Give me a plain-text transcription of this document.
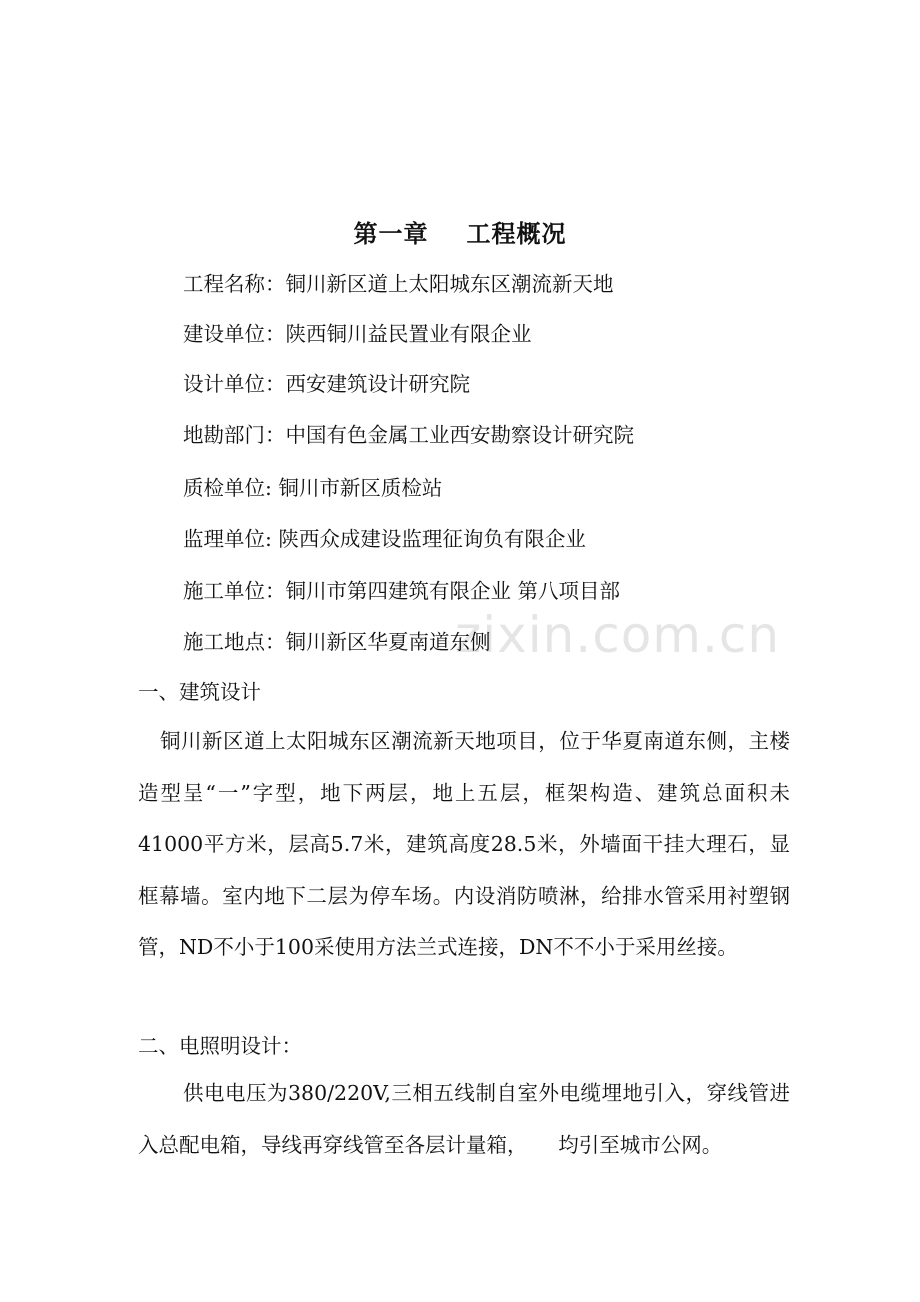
第一章 工程概况
工程名称：铜川新区道上太阳城东区潮流新天地
建设单位：陕西铜川益民置业有限企业
设计单位：西安建筑设计研究院
地勘部门：中国有色金属工业西安勘察设计研究院
质检单位: 铜川市新区质检站
监理单位: 陕西众成建设监理征询负有限企业
施工单位：铜川市第四建筑有限企业 第八项目部
施工地点：铜川新区华夏南道东侧
一、建筑设计
铜川新区道上太阳城东区潮流新天地项目，位于华夏南道东侧，主楼造型呈“一”字型，地下两层，地上五层，框架构造、建筑总面积未41000平方米，层高5.7米，建筑高度28.5米，外墙面干挂大理石，显框幕墙。室内地下二层为停车场。内设消防喷淋，给排水管采用衬塑钢管，ND不小于100采使用方法兰式连接，DN不不小于采用丝接。
二、电照明设计：
供电电压为380/220V,三相五线制自室外电缆埋地引入，穿线管进入总配电箱，导线再穿线管至各层计量箱，　　均引至城市公网。
zixin.com.cn
